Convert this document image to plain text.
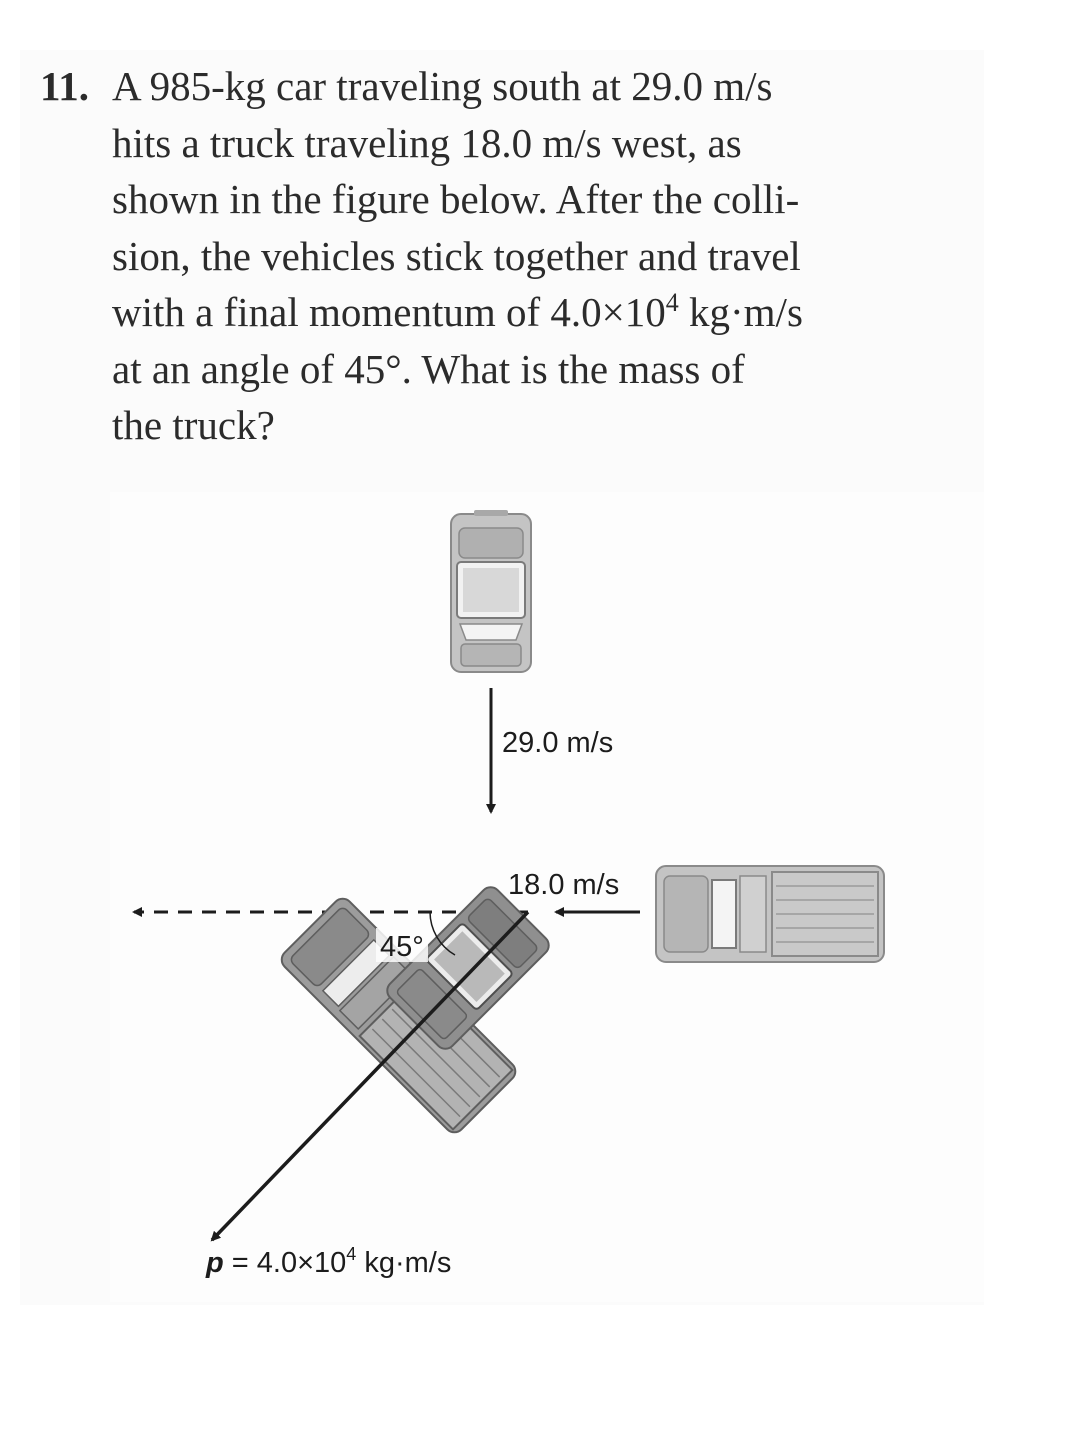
11. A 985-kg car traveling south at 29.0 m/s
hits a truck traveling 18.0 m/s west, as
shown in the figure below. After the colli-
sion, the vehicles stick together and travel
with a final momentum of $4.0\times 10^4$ kg·m/s
at an angle of 45°. What is the mass of
the truck?
29.0 m/s
18.0 m/s
45°
$p = 4.0\times 10^4$ kg·m/s
